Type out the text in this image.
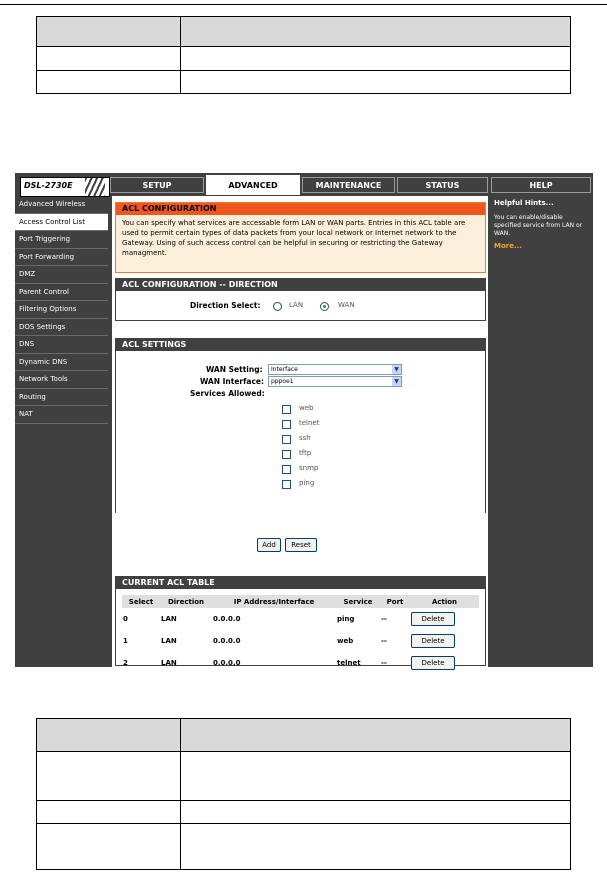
DSL-2730E	SETUP	ADVANCED	MAINTENANCE	STATUS	HELP
Advanced Wireless
Access Control List
Port Triggering
Port Forwarding
DMZ
Parent Control
Filtering Options
DOS Settings
DNS
Dynamic DNS
Network Tools
Routing
NAT
ACL CONFIGURATION
You can specify what services are accessable form LAN or WAN parts. Entries in this ACL table are used to permit certain types of data packets from your local network or Internet network to the Gateway. Using of such access control can be helpful in securing or restricting the Gateway managment.
ACL CONFIGURATION -- DIRECTION
Direction Select:	LAN	WAN
ACL SETTINGS
WAN Setting:	Interface	▼
WAN Interface:	pppoe1	▼
Services Allowed:
web
telnet
ssh
tftp
snmp
ping
Add	Reset
CURRENT ACL TABLE
Select	Direction	IP Address/Interface	Service	Port	Action
0	LAN	0.0.0.0	ping	--	Delete
1	LAN	0.0.0.0	web	--	Delete
2	LAN	0.0.0.0	telnet	--	Delete
Helpful Hints...
You can enable/disable specified service from LAN or WAN.
More...
